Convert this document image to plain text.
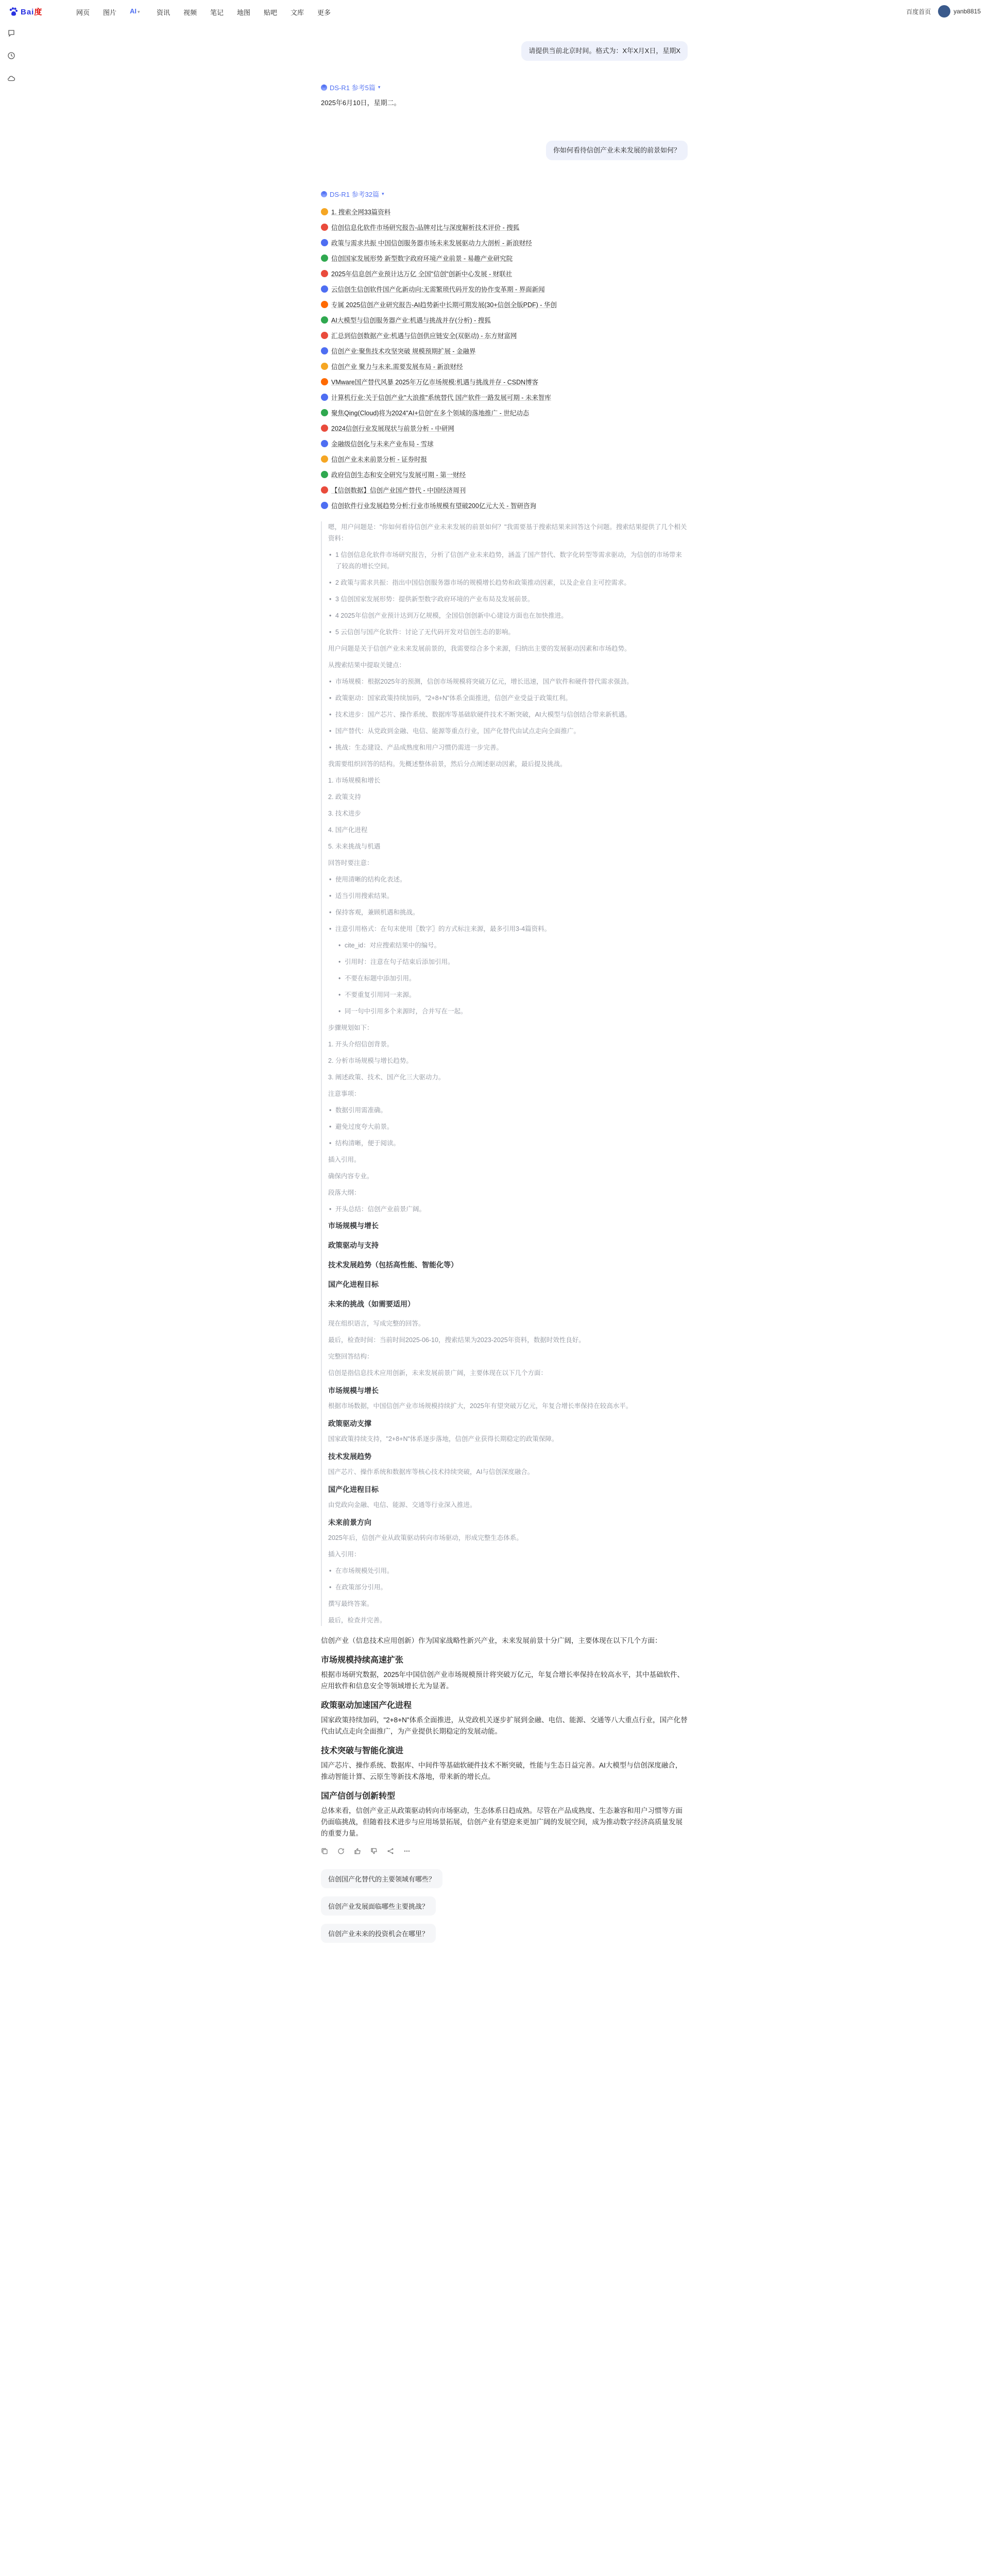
Bai度	网页	图片	AI ▾	资讯	视频	笔记	地图	贴吧	文库	更多	百度首页	yanb8815
请提供当前北京时间。格式为：X年X月X日，星期X
DS-R1 参考5篇 ▾
2025年6月10日，星期二。
你如何看待信创产业未来发展的前景如何？
DS-R1 参考32篇 ▾
1. 搜索全网33篇资料
信创信息化软件市场研究报告-品牌对比与深度解析技术评价 - 搜狐
政策与需求共振 中国信创服务器市场未来发展驱动力大剖析 - 新浪财经
信创国家发展形势 新型数字政府环境产业前景 - 易趣产业研究院
2025年信息创产业预计达万亿 全国"信创"创新中心发展 - 财联社
云信创生信创软件国产化新动向:无需繁琐代码开发的协作变革期 - 界面新闻
专属 2025信创产业研究报告-AI趋势新中长期可期发展(30+信创全版PDF) - 华创
AI大模型与信创服务器产业:机遇与挑战并存(分析) - 搜狐
汇总到信创数据产业:机遇与信创供应链安全(双驱动) - 东方财富网
信创产业:聚焦技术攻坚突破 规模预期扩展 - 金融界
信创产业 聚力与未来,需要发展布局 - 新浪财经
VMware国产替代风暴 2025年万亿市场规模:机遇与挑战并存 - CSDN博客
计算机行业:关于信创产业"大浪推"系统替代 国产软件一路发展可期 - 未来智库
聚焦Qing(Cloud)将为2024"AI+信创"在多个领域的落地推广 - 世纪动态
2024信创行业发展现状与前景分析 - 中研网
金融级信创化与未来产业布局 - 雪球
信创产业未来前景分析 - 证券时报
政府信创生态和安全研究与发展可期 - 第一财经
【信创数据】信创产业国产替代 - 中国经济周刊
信创软件行业发展趋势分析:行业市场规模有望破200亿元大关 - 智研咨询

嗯，用户问题是："你如何看待信创产业未来发展的前景如何？"我需要基于搜索结果来回答这个问题。搜索结果提供了几个相关资料：

• 1 信创信息化软件市场研究报告，分析了信创产业未来趋势，涵盖了国产替代、数字化转型等需求驱动，为信创的市场带来了较高的增长空间。
• 2 政策与需求共振：指出中国信创服务器市场的规模增长趋势和政策推动因素，以及企业自主可控需求。
• 3 信创国家发展形势：提供新型数字政府环境的产业布局及发展前景。
• 4 2025年信创产业预计达到万亿规模，全国信创创新中心建设方面也在加快推进。
• 5 云信创与国产化软件：讨论了无代码开发对信创生态的影响。

用户问题是关于信创产业未来发展前景的，我需要综合多个来源，归纳出主要的发展驱动因素和市场趋势。

从搜索结果中提取关键点：

• 市场规模：根据2025年的预测，信创市场规模将突破万亿元，增长迅速，国产软件和硬件替代需求强劲。
• 政策驱动：国家政策持续加码，"2+8+N"体系全面推进，信创产业受益于政策红利。
• 技术进步：国产芯片、操作系统、数据库等基础软硬件技术不断突破，AI大模型与信创结合带来新机遇。
• 国产替代：从党政到金融、电信、能源等重点行业，国产化替代由试点走向全面推广。
• 挑战：生态建设、产品成熟度和用户习惯仍需进一步完善。

我需要组织回答的结构。先概述整体前景，然后分点阐述驱动因素，最后提及挑战。

1. 市场规模和增长
2. 政策支持
3. 技术进步
4. 国产化进程
5. 未来挑战与机遇

回答时要注意：

• 使用清晰的结构化表述。
• 适当引用搜索结果。
• 保持客观，兼顾机遇和挑战。
• 注意引用格式：在句末使用〖数字〗的方式标注来源，最多引用3-4篇资料。
• cite_id：对应搜索结果中的编号。
• 引用时：注意在句子结束后添加引用。
• 不要在标题中添加引用。
• 不要重复引用同一来源。
• 同一句中引用多个来源时，合并写在一起。

步骤规划如下：

1. 开头介绍信创背景。
2. 分析市场规模与增长趋势。
3. 阐述政策、技术、国产化三大驱动力。

注意事项：

• 数据引用需准确。
• 避免过度夸大前景。
• 结构清晰，便于阅读。

插入引用。

确保内容专业。

段落大纲：

• 开头总结：信创产业前景广阔。
市场规模与增长
政策驱动与支持
技术发展趋势（包括高性能、智能化等）
国产化进程目标
未来的挑战（如需要适用）

现在组织语言，写成完整的回答。

最后，检查时间：当前时间2025-06-10，搜索结果为2023-2025年资料，数据时效性良好。

完整回答结构：

信创是指信息技术应用创新，未来发展前景广阔，主要体现在以下几个方面：

市场规模与增长

根据市场数据，中国信创产业市场规模持续扩大，2025年有望突破万亿元，年复合增长率保持在较高水平。

政策驱动支撑

国家政策持续支持，"2+8+N"体系逐步落地，信创产业获得长期稳定的政策保障。

技术发展趋势

国产芯片、操作系统和数据库等核心技术持续突破，AI与信创深度融合。

国产化进程目标

由党政向金融、电信、能源、交通等行业深入推进。

未来前景方向

2025年后，信创产业从政策驱动转向市场驱动，形成完整生态体系。

插入引用：

• 在市场规模处引用。
• 在政策部分引用。

撰写最终答案。

最后，检查并完善。

信创产业（信息技术应用创新）作为国家战略性新兴产业，未来发展前景十分广阔，主要体现在以下几个方面：

市场规模持续高速扩张

根据市场研究数据，2025年中国信创产业市场规模预计将突破万亿元，年复合增长率保持在较高水平，其中基础软件、应用软件和信息安全等领域增长尤为显著。

政策驱动加速国产化进程

国家政策持续加码，"2+8+N"体系全面推进，从党政机关逐步扩展到金融、电信、能源、交通等八大重点行业，国产化替代由试点走向全面推广，为产业提供长期稳定的发展动能。

技术突破与智能化演进

国产芯片、操作系统、数据库、中间件等基础软硬件技术不断突破，性能与生态日益完善。AI大模型与信创深度融合，推动智能计算、云原生等新技术落地，带来新的增长点。

国产信创与创新转型

总体来看，信创产业正从政策驱动转向市场驱动，生态体系日趋成熟。尽管在产品成熟度、生态兼容和用户习惯等方面仍面临挑战，但随着技术进步与应用场景拓展，信创产业有望迎来更加广阔的发展空间，成为推动数字经济高质量发展的重要力量。

信创国产化替代的主要领域有哪些？
信创产业发展面临哪些主要挑战？
信创产业未来的投资机会在哪里？
